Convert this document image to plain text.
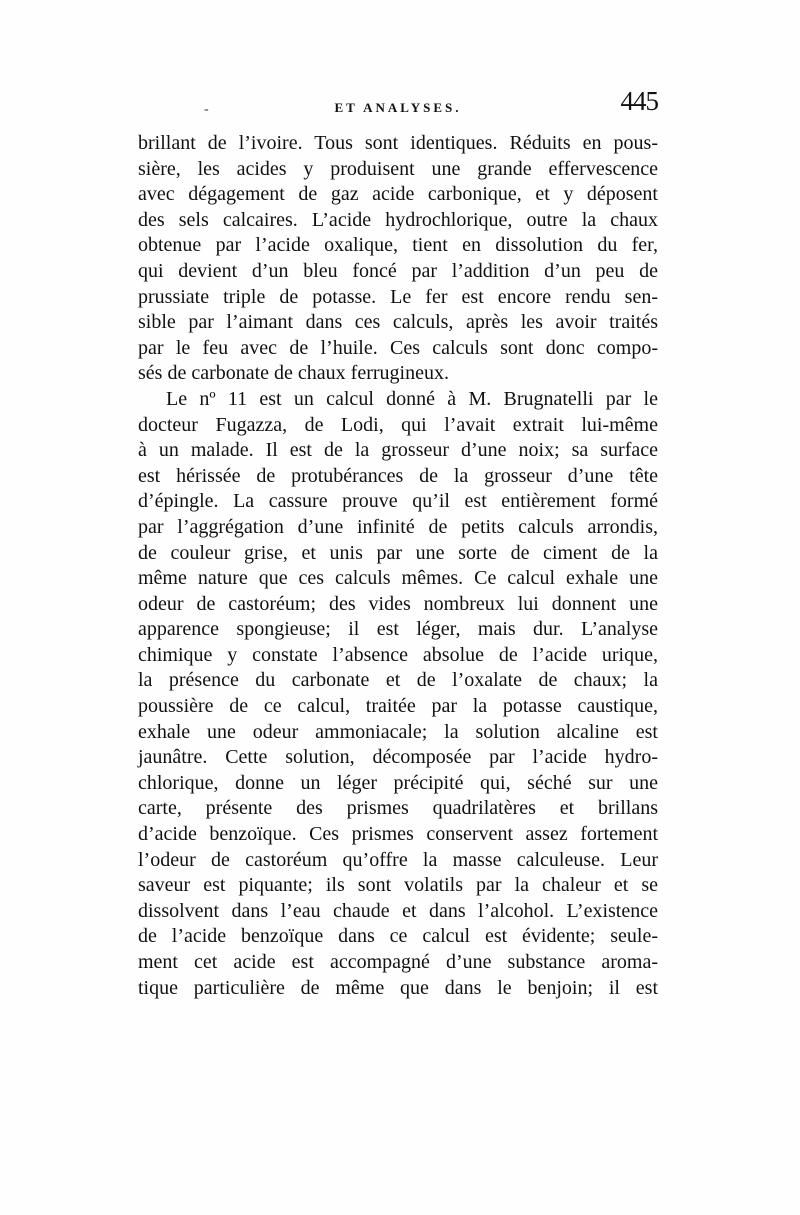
-	ET ANALYSES.	445
brillant de l’ivoire. Tous sont identiques. Réduits en pous-
sière, les acides y produisent une grande effervescence
avec dégagement de gaz acide carbonique, et y déposent
des sels calcaires. L’acide hydrochlorique, outre la chaux
obtenue par l’acide oxalique, tient en dissolution du fer,
qui devient d’un bleu foncé par l’addition d’un peu de
prussiate triple de potasse. Le fer est encore rendu sen-
sible par l’aimant dans ces calculs, après les avoir traités
par le feu avec de l’huile. Ces calculs sont donc compo-
sés de carbonate de chaux ferrugineux.
Le nº 11 est un calcul donné à M. Brugnatelli par le
docteur Fugazza, de Lodi, qui l’avait extrait lui-même
à un malade. Il est de la grosseur d’une noix; sa surface
est hérissée de protubérances de la grosseur d’une tête
d’épingle. La cassure prouve qu’il est entièrement formé
par l’aggrégation d’une infinité de petits calculs arrondis,
de couleur grise, et unis par une sorte de ciment de la
même nature que ces calculs mêmes. Ce calcul exhale une
odeur de castoréum; des vides nombreux lui donnent une
apparence spongieuse; il est léger, mais dur. L’analyse
chimique y constate l’absence absolue de l’acide urique,
la présence du carbonate et de l’oxalate de chaux; la
poussière de ce calcul, traitée par la potasse caustique,
exhale une odeur ammoniacale; la solution alcaline est
jaunâtre. Cette solution, décomposée par l’acide hydro-
chlorique, donne un léger précipité qui, séché sur une
carte, présente des prismes quadrilatères et brillans
d’acide benzoïque. Ces prismes conservent assez fortement
l’odeur de castoréum qu’offre la masse calculeuse. Leur
saveur est piquante; ils sont volatils par la chaleur et se
dissolvent dans l’eau chaude et dans l’alcohol. L’existence
de l’acide benzoïque dans ce calcul est évidente; seule-
ment cet acide est accompagné d’une substance aroma-
tique particulière de même que dans le benjoin; il est
